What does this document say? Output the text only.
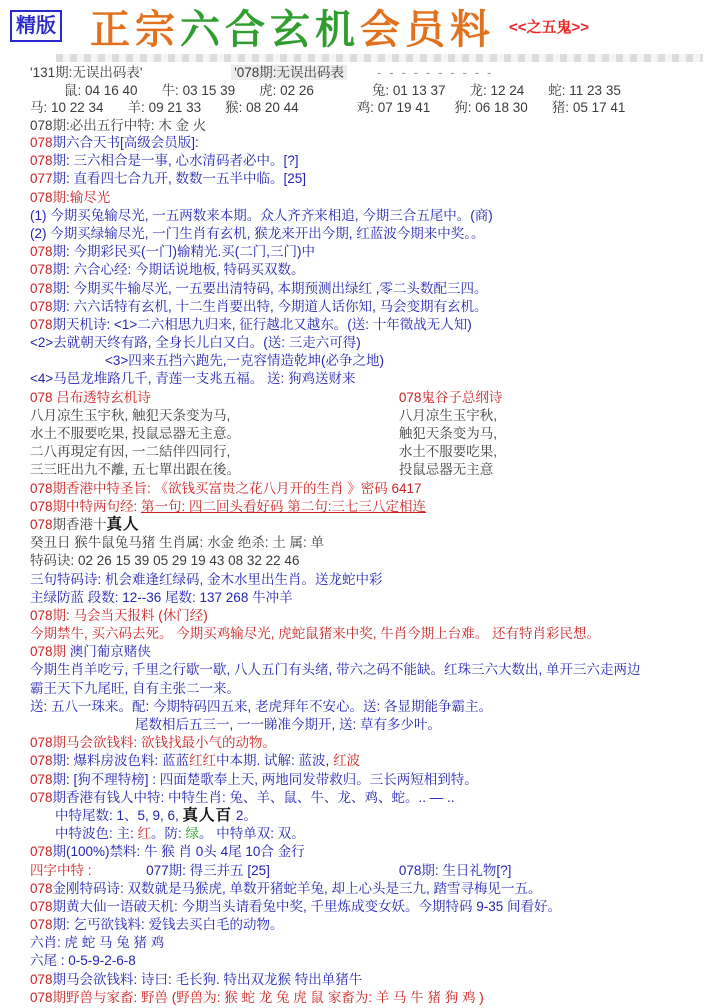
精版 正宗六合玄机会员料 <<之五鬼>>
'131期:无误出码表'	'078期:无误出码表 - - - - - - - - - -
鼠: 04 16 40 牛: 03 15 39 虎: 02 26	兔: 01 13 37 龙: 12 24 蛇: 11 23 35
马: 10 22 34 羊: 09 21 33 猴: 08 20 44	鸡: 07 19 41 狗: 06 18 30 猪: 05 17 41
078期:必出五行中特: 木 金 火
078期六合天书[高级会员版]:
078期: 三六相合是一事, 心水清码者必中。[?]
077期: 直看四七合九开, 数数一五半中临。[25]
078期:输尽光
(1) 今期买兔输尽光, 一五两数来本期。众人齐齐来相追, 今期三合五尾中。(商)
(2) 今期买绿输尽光, 一门生肖有玄机, 猴龙来开出今期, 红蓝波今期来中奖。。
078期: 今期彩民买(一门)输精光.买(二门,三门)中
078期: 六合心经: 今期话说地板, 特码买双数。
078期: 今期买牛输尽光, 一五要出清特码, 本期预测出绿红 ,零二头数配三四。
078期: 六六话特有玄机, 十二生肖要出特, 今期道人话你知, 马会变期有玄机。
078期天机诗: <1>二六相思九归来, 征行越北又越东。(送: 十年徵战无人知)
<2>去就朝天终有路, 全身长儿白又白。(送: 三走六可得)
<3>四来五挡六跑先,一克容情造乾坤(必争之地)
<4>马邑龙堆路几千, 青莲一支兆五福。 送: 狗鸡送财来
078 吕布透特玄机诗	078鬼谷子总纲诗
八月凉生玉宇秋, 触犯天条变为马,	八月凉生玉宇秋,
水土不服要吃果, 投鼠忌器无主意。	触犯天条变为马,
二八再現定有因, 一二結伴四同行,	水土不服要吃果,
三三旺出九不離, 五七單出跟在後。	投鼠忌器无主意
078期香港中特圣旨: 《欲钱买富贵之花八月开的生肖 》密码 6417
078期中特两句经: 第一句: 四二回头看好码 第二句:三七三八定相连
078期香港十真人
癸丑日 猴牛鼠兔马猪 生肖属: 水金 绝杀: 土 属: 单
特码诀: 02 26 15 39 05 29 19 43 08 32 22 46
三句特码诗: 机会难逢红绿码, 金木水里出生肖。送龙蛇中彩
主绿防蓝 段数: 12--36 尾数: 137 268 牛冲羊
078期: 马会当天报料 (休门经)
今期禁牛, 买六码去死。 今期买鸡输尽光, 虎蛇鼠猪来中奖, 牛肖今期上台难。 还有特肖彩民想。
078期 澳门葡京赌侠
今期生肖羊吃亏, 千里之行歇一歇, 八人五门有头绪, 带六之码不能缺。红珠三六大数出, 单开三六走两边
霸王天下九尾旺, 自有主张二一来。
送: 五八一珠来。配: 今期特码四五来, 老虎拜年不安心。送: 各显期能争霸主。
尾数相后五三一, 一一睇准今期开, 送: 草有多少叶。
078期马会欲钱料: 欲钱找最小气的动物。
078期: 爆料房波色料: 蓝蓝红红中本期. 试解: 蓝波, 红波
078期: [狗不理特榜] : 四面楚歌奉上天, 两地同发带救归。三长两短相到特。
078期香港有钱人中特: 中特生肖: 兔、羊、鼠、牛、龙、鸡、蛇。.. — ..
中特尾数: 1、5, 9, 6, 真人百 2。
中特波色: 主: 红。防: 绿。 中特单双: 双。
078期(100%)禁料: 牛 猴 肖 0头 4尾 10合 金行
四字中特 :	077期: 得三并五 [25]	078期: 生日礼物[?]
078金刚特码诗: 双数就是马猴虎, 单数开猪蛇羊兔, 却上心头是三九, 踏雪寻梅见一五。
078期黄大仙一语破天机: 今期当头请看兔中奖, 千里炼成变女妖。今期特码 9-35 间看好。
078期: 乞丐欲钱料: 爱钱去买白毛的动物。
六肖: 虎 蛇 马 兔 猪 鸡
六尾 : 0-5-9-2-6-8
078期马会欲钱料: 诗曰: 毛长狗. 特出双龙猴 特出单猪牛
078期野兽与家畜: 野兽 (野兽为: 猴 蛇 龙 兔 虎 鼠 家畜为: 羊 马 牛 猪 狗 鸡 )
